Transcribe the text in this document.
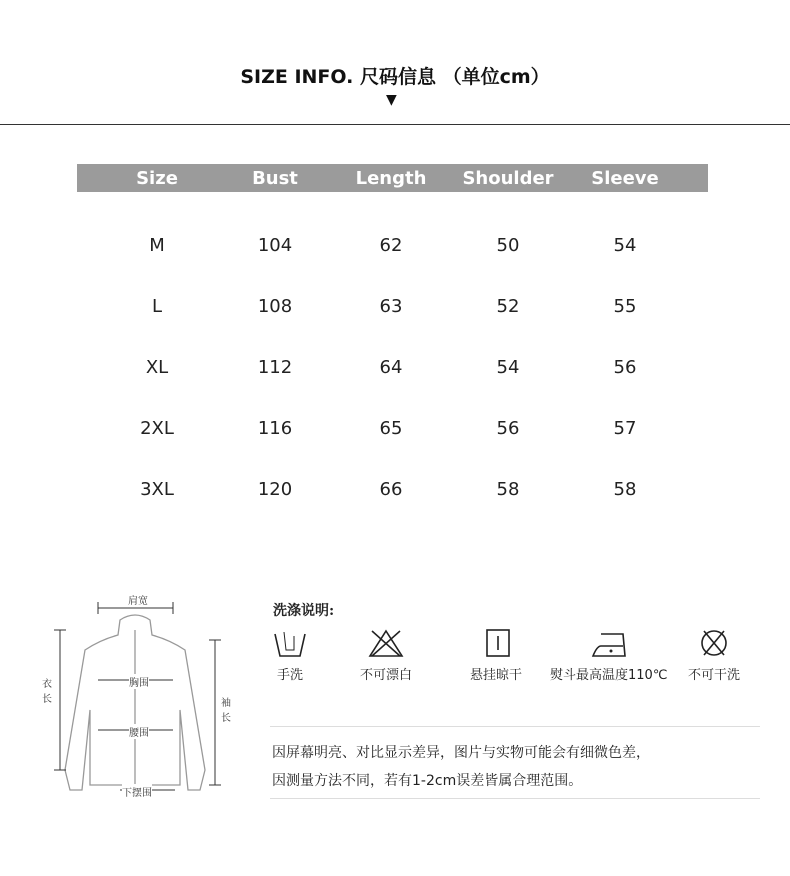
SIZE INFO. 尺码信息 （单位cm）
▼
Size	Bust	Length	Shoulder	Sleeve
M	104	62	50	54
L	108	63	52	55
XL	112	64	54	56
2XL	116	65	56	57
3XL	120	66	58	58
肩宽
衣长
胸围
袖长
腰围
下摆围
洗涤说明:
手洗	不可漂白	悬挂晾干 熨斗最高温度110℃ 不可干洗
因屏幕明亮、对比显示差异，图片与实物可能会有细微色差，
因测量方法不同，若有1-2cm误差皆属合理范围。
